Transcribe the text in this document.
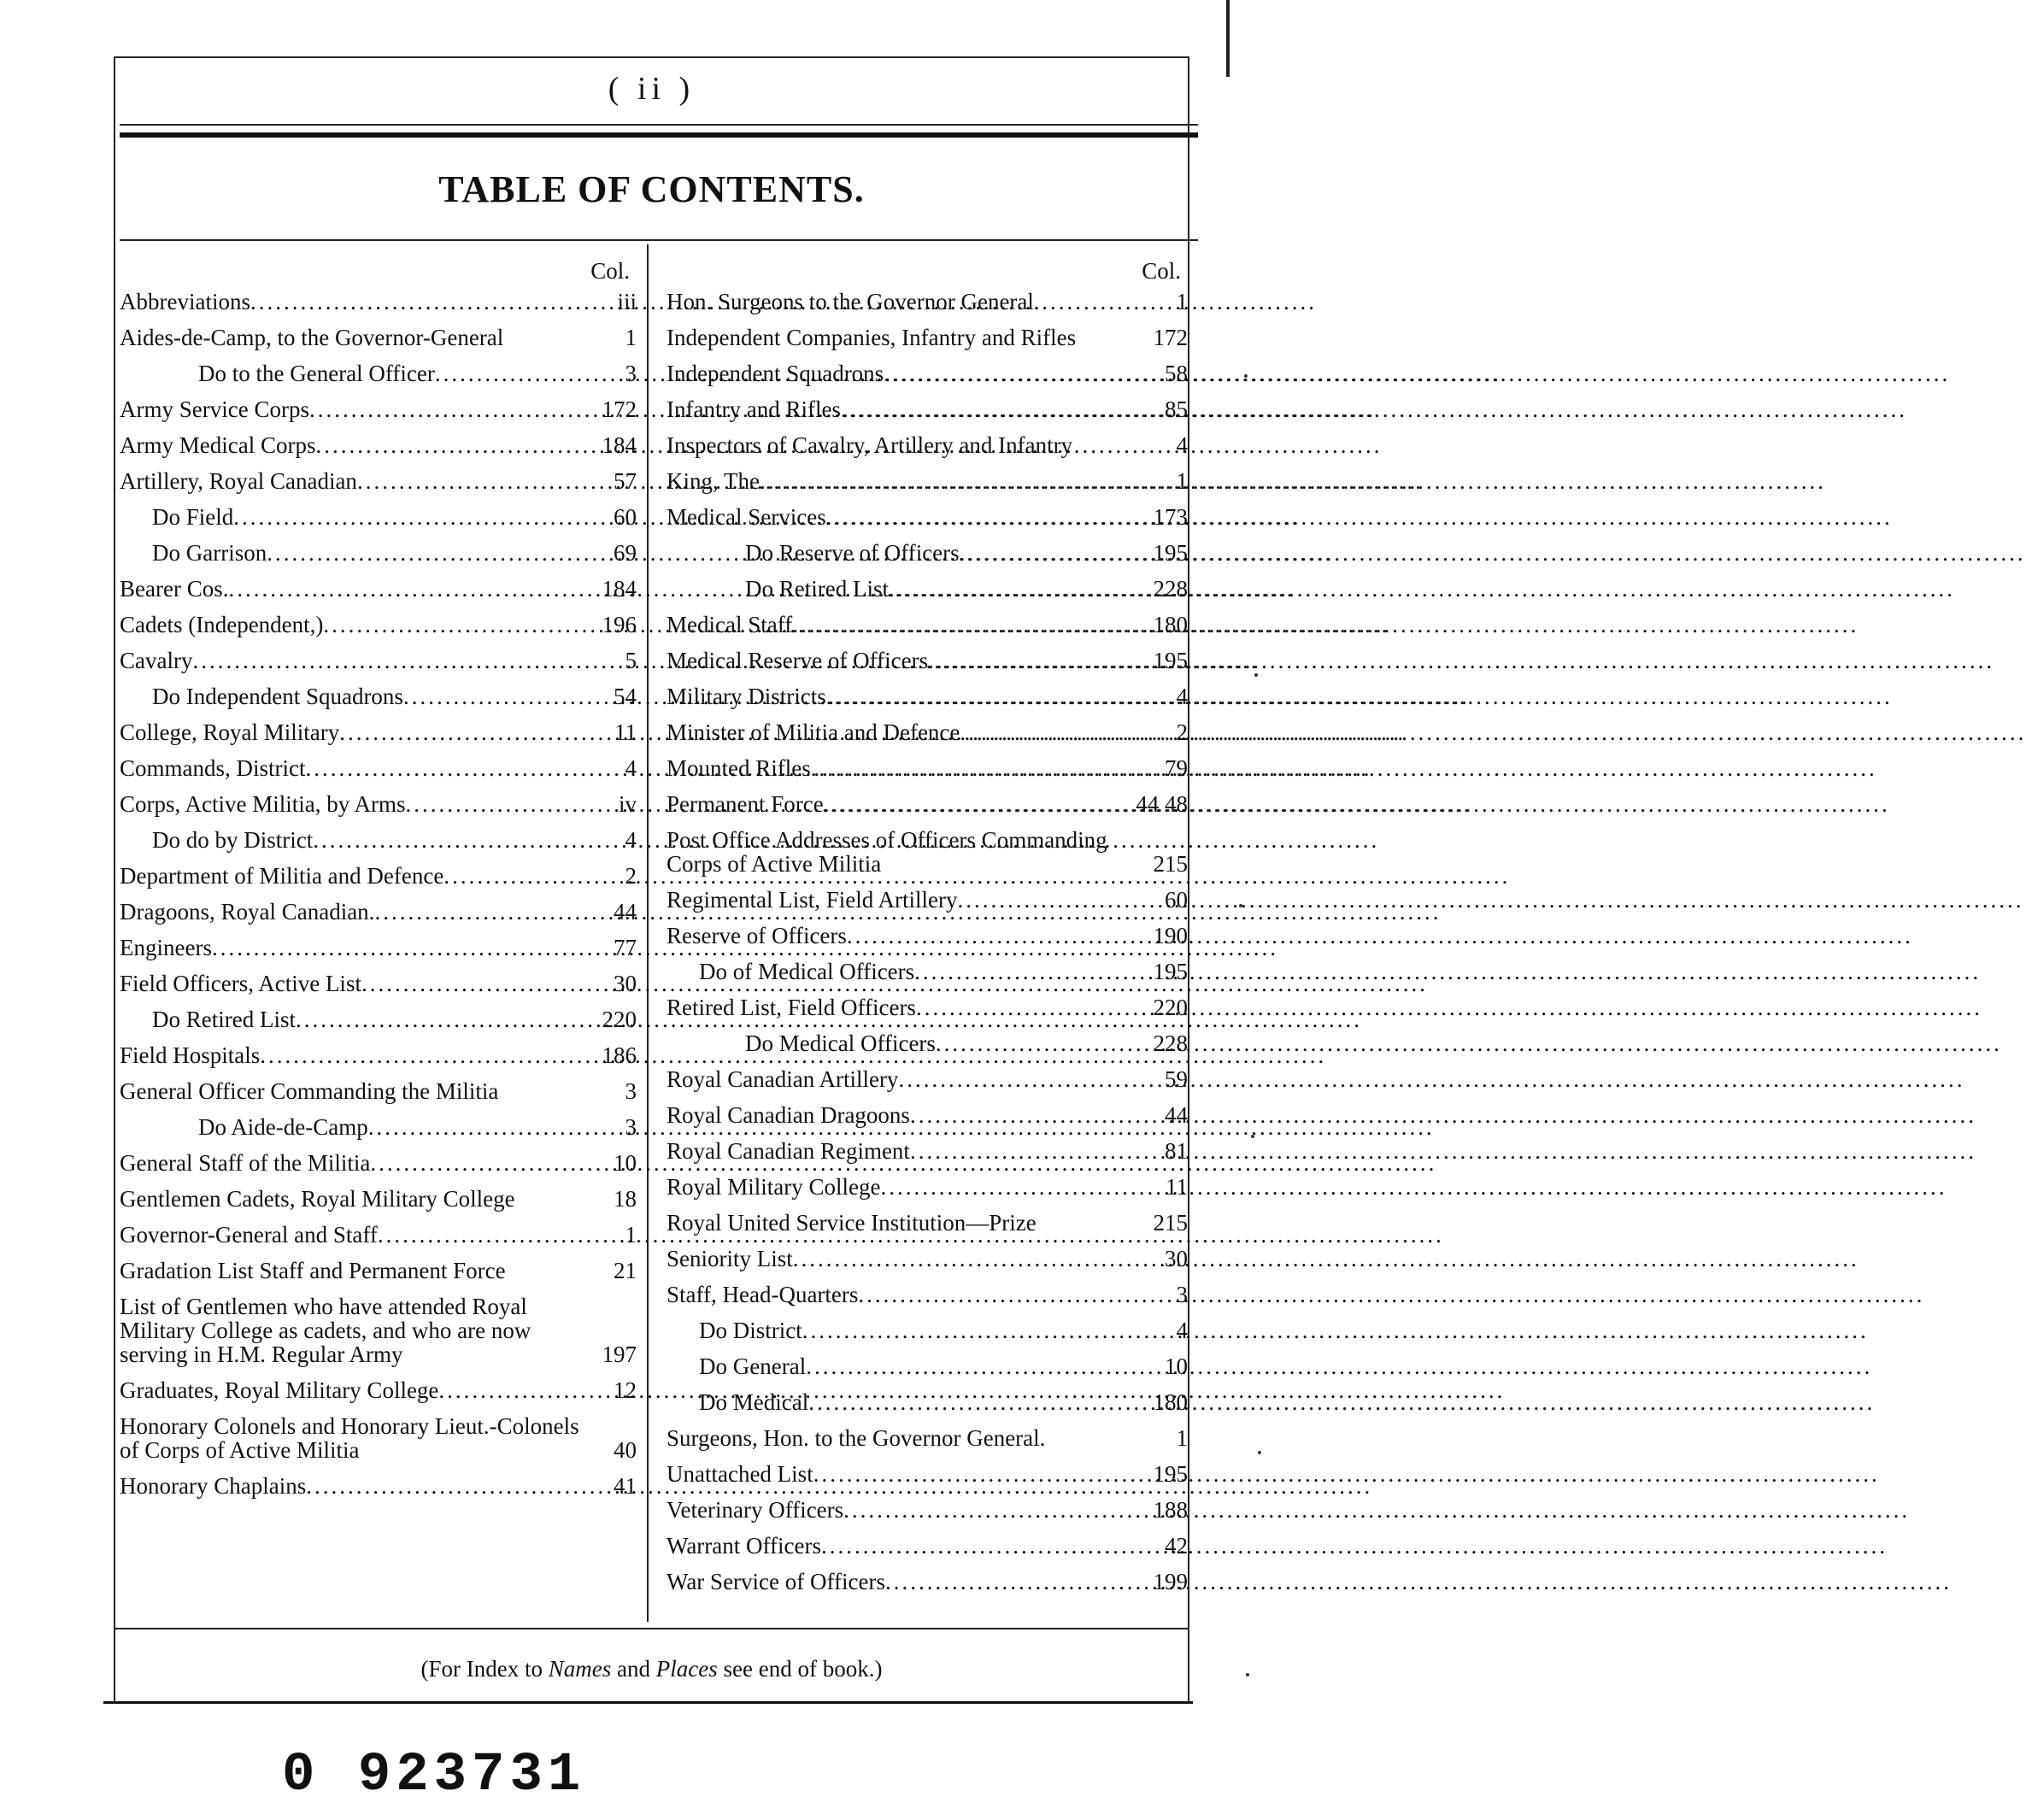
( ii )
TABLE OF CONTENTS.
Col.
Abbreviations .....	iii
Aides-de-Camp, to the Governor-General	1
Do to the General Officer .....	3
Army Service Corps .....	172
Army Medical Corps .....	184
Artillery, Royal Canadian .....	57
Do Field .....	60
Do Garrison .....	69
Bearer Cos. .....	184
Cadets (Independent,) .....	196
Cavalry .....	5
Do Independent Squadrons .....	54
College, Royal Military .....	11
Commands, District .....	4
Corps, Active Militia, by Arms .....	iv
Do do by District .....	4
Department of Militia and Defence .....	2
Dragoons, Royal Canadian. .....	44
Engineers .....	77
Field Officers, Active List .....	30
Do Retired List .....	220
Field Hospitals .....	186
General Officer Commanding the Militia	3
Do Aide-de-Camp .....	3
General Staff of the Militia .....	10
Gentlemen Cadets, Royal Military College	18
Governor-General and Staff .....	1
Gradation List Staff and Permanent Force	21
List of Gentlemen who have attended Royal Military College as cadets, and who are now serving in H.M. Regular Army	197
Graduates, Royal Military College .....	12
Honorary Colonels and Honorary Lieut.-Colonels of Corps of Active Militia	40
Honorary Chaplains .....	41
Col.
Hon. Surgeons to the Governor General.	1
Independent Companies, Infantry and Rifles	172
Independent Squadrons .....	58
Infantry and Rifles .....	85
Inspectors of Cavalry, Artillery and Infantry	4
King, The .....	1
Medical Services .....	173
Do Reserve of Officers .....	195
Do Retired List .....	228
Medical Staff .....	180
Medical Reserve of Officers .....	195
Military Districts .....	4
Minister of Militia and Defence .....	2
Mounted Rifles .....	79
Permanent Force .....	44 48
Post Office Addresses of Officers Commanding Corps of Active Militia	215
Regimental List, Field Artillery .....	60
Reserve of Officers .....	190
Do of Medical Officers .....	195
Retired List, Field Officers .....	220
Do Medical Officers .....	228
Royal Canadian Artillery .....	59
Royal Canadian Dragoons .....	44
Royal Canadian Regiment .....	81
Royal Military College .....	11
Royal United Service Institution—Prize	215
Seniority List .....	30
Staff, Head-Quarters .....	3
Do District .....	4
Do General .....	10
Do Medical .....	180
Surgeons, Hon. to the Governor General.	1
Unattached List .....	195
Veterinary Officers .....	188
Warrant Officers .....	42
War Service of Officers .....	199
(For Index to Names and Places see end of book.)
0 923731
